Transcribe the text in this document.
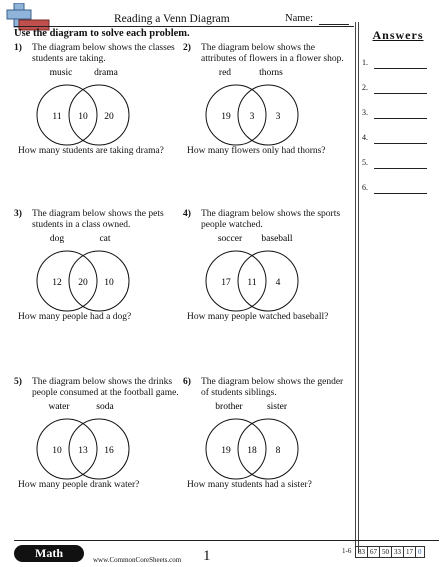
Reading a Venn Diagram	Name:
Use the diagram to solve each problem.	Answers
1.
2.
3.
4.
5.
6.
1) The diagram below shows the classes students are taking.
music drama
11 10 20
How many students are taking drama?
2) The diagram below shows the attributes of flowers in a flower shop.
red	thorns
19 3 3
How many flowers only had thorns?
3) The diagram below shows the pets students in a class owned.
dog	cat
12 20 10
How many people had a dog?
4) The diagram below shows the sports people watched.
soccer baseball
17 11 4
How many people watched baseball?
5) The diagram below shows the drinks people consumed at the football game.
water	soda
10 13 16
How many people drank water?
6) The diagram below shows the gender of students siblings.
brother	sister
19 18 8
How many students had a sister?
Math	www.CommonCoreSheets.com 1	1-6 83 67 50 33 17 0
